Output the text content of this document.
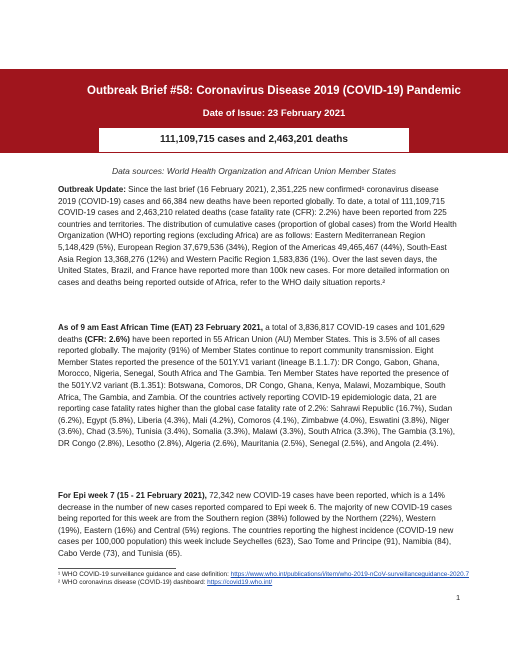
Outbreak Brief #58: Coronavirus Disease 2019 (COVID-19) Pandemic
Date of Issue: 23 February 2021
111,109,715 cases and 2,463,201 deaths
Data sources: World Health Organization and African Union Member States
Outbreak Update: Since the last brief (16 February 2021), 2,351,225 new confirmed¹ coronavirus disease 2019 (COVID-19) cases and 66,384 new deaths have been reported globally. To date, a total of 111,109,715 COVID-19 cases and 2,463,210 related deaths (case fatality rate (CFR): 2.2%) have been reported from 225 countries and territories. The distribution of cumulative cases (proportion of global cases) from the World Health Organization (WHO) reporting regions (excluding Africa) are as follows: Eastern Mediterranean Region 5,148,429 (5%), European Region 37,679,536 (34%), Region of the Americas 49,465,467 (44%), South-East Asia Region 13,368,276 (12%) and Western Pacific Region 1,583,836 (1%). Over the last seven days, the United States, Brazil, and France have reported more than 100k new cases. For more detailed information on cases and deaths being reported outside of Africa, refer to the WHO daily situation reports.²
As of 9 am East African Time (EAT) 23 February 2021, a total of 3,836,817 COVID-19 cases and 101,629 deaths (CFR: 2.6%) have been reported in 55 African Union (AU) Member States. This is 3.5% of all cases reported globally. The majority (91%) of Member States continue to report community transmission. Eight Member States reported the presence of the 501Y.V1 variant (lineage B.1.1.7): DR Congo, Gabon, Ghana, Morocco, Nigeria, Senegal, South Africa and The Gambia. Ten Member States have reported the presence of the 501Y.V2 variant (B.1.351): Botswana, Comoros, DR Congo, Ghana, Kenya, Malawi, Mozambique, South Africa, The Gambia, and Zambia. Of the countries actively reporting COVID-19 epidemiologic data, 21 are reporting case fatality rates higher than the global case fatality rate of 2.2%: Sahrawi Republic (16.7%), Sudan (6.2%), Egypt (5.8%), Liberia (4.3%), Mali (4.2%), Comoros (4.1%), Zimbabwe (4.0%), Eswatini (3.8%), Niger (3.6%), Chad (3.5%), Tunisia (3.4%), Somalia (3.3%), Malawi (3.3%), South Africa (3.3%), The Gambia (3.1%), DR Congo (2.8%), Lesotho (2.8%), Algeria (2.6%), Mauritania (2.5%), Senegal (2.5%), and Angola (2.4%).
For Epi week 7 (15 - 21 February 2021), 72,342 new COVID-19 cases have been reported, which is a 14% decrease in the number of new cases reported compared to Epi week 6. The majority of new COVID-19 cases being reported for this week are from the Southern region (38%) followed by the Northern (22%), Western (19%), Eastern (16%) and Central (5%) regions. The countries reporting the highest incidence (COVID-19 new cases per 100,000 population) this week include Seychelles (623), Sao Tome and Principe (91), Namibia (84), Cabo Verde (73), and Tunisia (65).
¹ WHO COVID-19 surveillance guidance and case definition: https://www.who.int/publications/i/item/who-2019-nCoV-surveillanceguidance-2020.7
² WHO coronavirus disease (COVID-19) dashboard: https://covid19.who.int/
1
